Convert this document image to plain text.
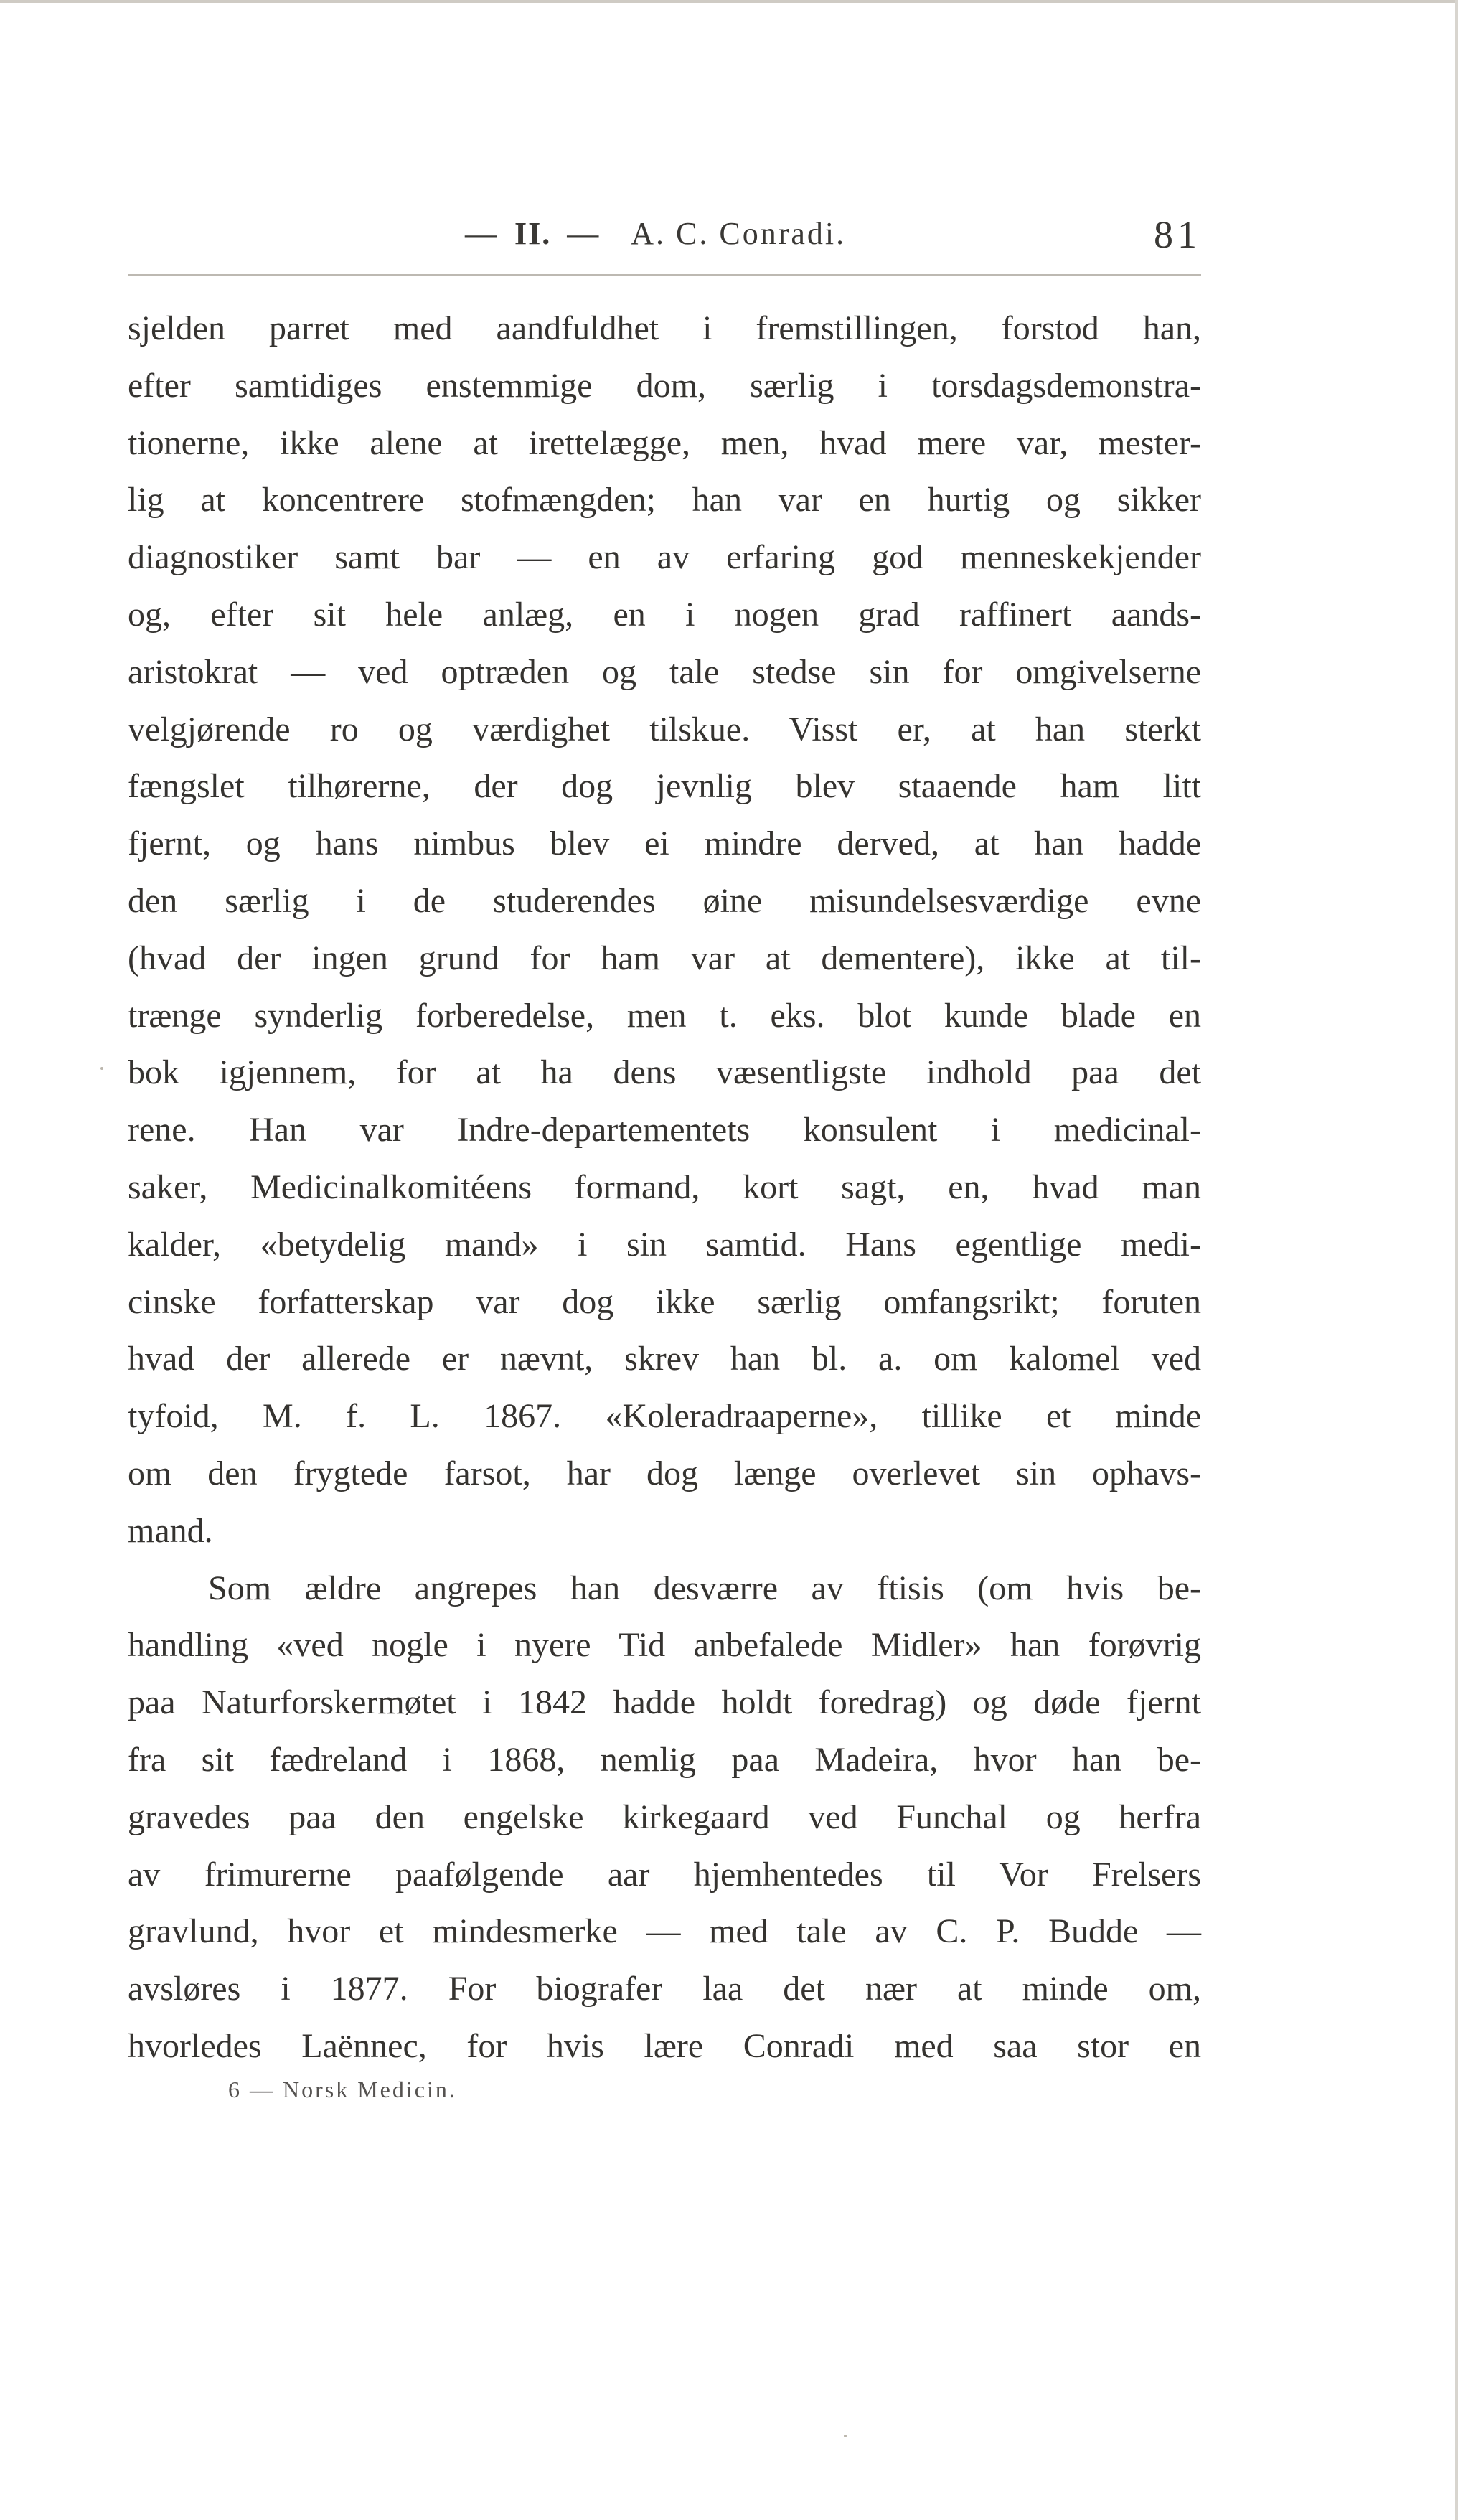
— II. — A. C. Conradi.	81
sjelden parret med aandfuldhet i fremstillingen, forstod han,
efter samtidiges enstemmige dom, særlig i torsdagsdemonstra-
tionerne, ikke alene at irettelægge, men, hvad mere var, mester-
lig at koncentrere stofmængden; han var en hurtig og sikker
diagnostiker samt bar — en av erfaring god menneskekjender
og, efter sit hele anlæg, en i nogen grad raffinert aands-
aristokrat — ved optræden og tale stedse sin for omgivelserne
velgjørende ro og værdighet tilskue. Visst er, at han sterkt
fængslet tilhørerne, der dog jevnlig blev staaende ham litt
fjernt, og hans nimbus blev ei mindre derved, at han hadde
den særlig i de studerendes øine misundelsesværdige evne
(hvad der ingen grund for ham var at dementere), ikke at til-
trænge synderlig forberedelse, men t. eks. blot kunde blade en
bok igjennem, for at ha dens væsentligste indhold paa det
rene. Han var Indre-departementets konsulent i medicinal-
saker, Medicinalkomitéens formand, kort sagt, en, hvad man
kalder, «betydelig mand» i sin samtid. Hans egentlige medi-
cinske forfatterskap var dog ikke særlig omfangsrikt; foruten
hvad der allerede er nævnt, skrev han bl. a. om kalomel ved
tyfoid, M. f. L. 1867. «Koleradraaperne», tillike et minde
om den frygtede farsot, har dog længe overlevet sin ophavs-
mand.
Som ældre angrepes han desværre av ftisis (om hvis be-
handling «ved nogle i nyere Tid anbefalede Midler» han forøvrig
paa Naturforskermøtet i 1842 hadde holdt foredrag) og døde fjernt
fra sit fædreland i 1868, nemlig paa Madeira, hvor han be-
gravedes paa den engelske kirkegaard ved Funchal og herfra
av frimurerne paafølgende aar hjemhentedes til Vor Frelsers
gravlund, hvor et mindesmerke — med tale av C. P. Budde —
avsløres i 1877. For biografer laa det nær at minde om,
hvorledes Laënnec, for hvis lære Conradi med saa stor en
6 — Norsk Medicin.
